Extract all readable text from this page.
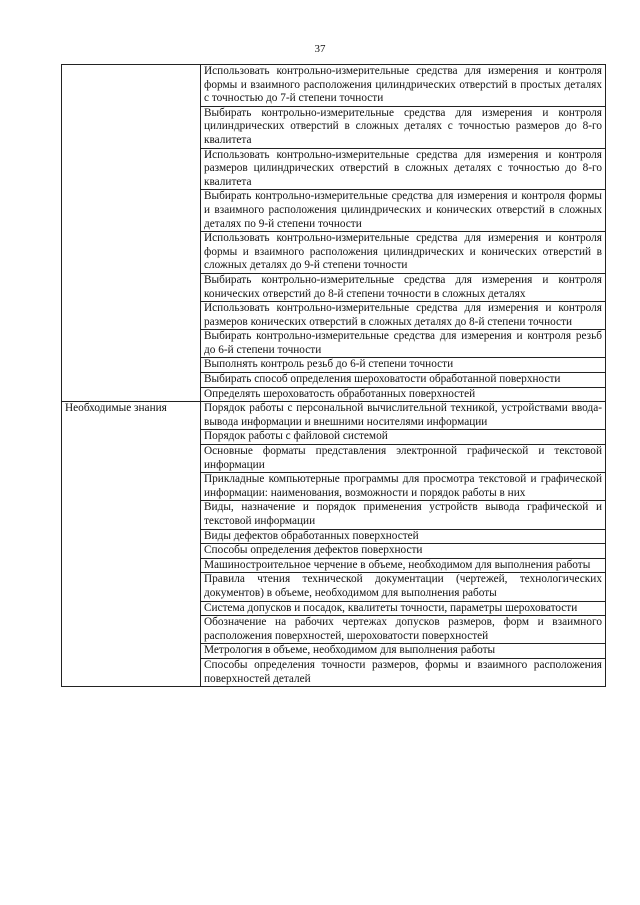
37
	Использовать контрольно-измерительные средства для измерения и контроля формы и взаимного расположения цилиндрических отверстий в простых деталях с точностью до 7-й степени точности
	Выбирать контрольно-измерительные средства для измерения и контроля цилиндрических отверстий в сложных деталях с точностью размеров до 8-го квалитета
	Использовать контрольно-измерительные средства для измерения и контроля размеров цилиндрических отверстий в сложных деталях с точностью до 8-го квалитета
	Выбирать контрольно-измерительные средства для измерения и контроля формы и взаимного расположения цилиндрических и конических отверстий в сложных деталях по 9-й степени точности
	Использовать контрольно-измерительные средства для измерения и контроля формы и взаимного расположения цилиндрических и конических отверстий в сложных деталях до 9-й степени точности
	Выбирать контрольно-измерительные средства для измерения и контроля конических отверстий до 8-й степени точности в сложных деталях
	Использовать контрольно-измерительные средства для измерения и контроля размеров конических отверстий в сложных деталях до 8-й степени точности
	Выбирать контрольно-измерительные средства для измерения и контроля резьб до 6-й степени точности
	Выполнять контроль резьб до 6-й степени точности
	Выбирать способ определения шероховатости обработанной поверхности
	Определять шероховатость обработанных поверхностей

Необходимые знания	Порядок работы с персональной вычислительной техникой, устройствами ввода-вывода информации и внешними носителями информации
	Порядок работы с файловой системой
	Основные форматы представления электронной графической и текстовой информации
	Прикладные компьютерные программы для просмотра текстовой и графической информации: наименования, возможности и порядок работы в них
	Виды, назначение и порядок применения устройств вывода графической и текстовой информации
	Виды дефектов обработанных поверхностей
	Способы определения дефектов поверхности
	Машиностроительное черчение в объеме, необходимом для выполнения работы
	Правила чтения технической документации (чертежей, технологических документов) в объеме, необходимом для выполнения работы
	Система допусков и посадок, квалитеты точности, параметры шероховатости
	Обозначение на рабочих чертежах допусков размеров, форм и взаимного расположения поверхностей, шероховатости поверхностей
	Метрология в объеме, необходимом для выполнения работы
	Способы определения точности размеров, формы и взаимного расположения поверхностей деталей
